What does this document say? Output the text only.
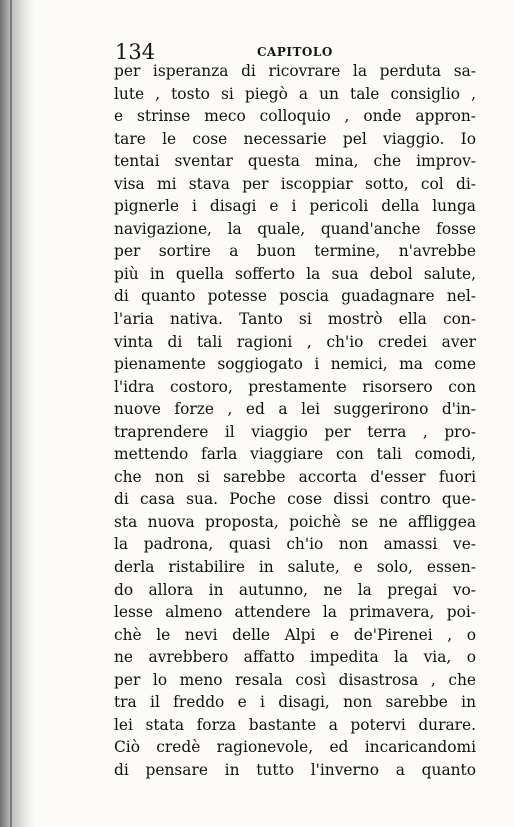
134	CAPITOLO
per isperanza di ricovrare la perduta sa-
lute , tosto si piegò a un tale consiglio ,
e strinse meco colloquio , onde appron-
tare le cose necessarie pel viaggio. Io
tentai sventar questa mina, che improv-
visa mi stava per iscoppiar sotto, col di-
pignerle i disagi e i pericoli della lunga
navigazione, la quale, quand'anche fosse
per sortire a buon termine, n'avrebbe
più in quella sofferto la sua debol salute,
di quanto potesse poscia guadagnare nel-
l'aria nativa. Tanto si mostrò ella con-
vinta di tali ragioni , ch'io credei aver
pienamente soggiogato i nemici, ma come
l'idra costoro, prestamente risorsero con
nuove forze , ed a lei suggerirono d'in-
traprendere il viaggio per terra , pro-
mettendo farla viaggiare con tali comodi,
che non si sarebbe accorta d'esser fuori
di casa sua. Poche cose dissi contro que-
sta nuova proposta, poichè se ne affliggea
la padrona, quasi ch'io non amassi ve-
derla ristabilire in salute, e solo, essen-
do allora in autunno, ne la pregai vo-
lesse almeno attendere la primavera, poi-
chè le nevi delle Alpi e de'Pirenei , o
ne avrebbero affatto impedita la via, o
per lo meno resala così disastrosa , che
tra il freddo e i disagi, non sarebbe in
lei stata forza bastante a potervi durare.
Ciò credè ragionevole, ed incaricandomi
di pensare in tutto l'inverno a quanto
